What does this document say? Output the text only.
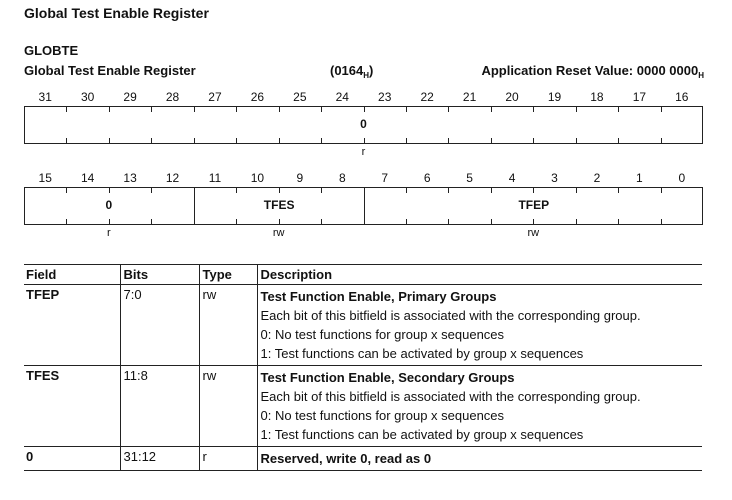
Global Test Enable Register
GLOBTE
Global Test Enable Register	$(0164_H)$	Application Reset Value: 0000 $0000_H$
31	30	29	28	27	26	25	24	23	22	21	20	19	18	17	16
0
r
15	14	13	12	11	10	9	8	7	6	5	4	3	2	1	0
0	TFES	TFEP
r	rw	rw
Field	Bits	Type	Description
TFEP	7:0	rw	Test Function Enable, Primary Groups
Each bit of this bitfield is associated with the corresponding group.
0: No test functions for group x sequences
1: Test functions can be activated by group x sequences

TFES	11:8	rw	Test Function Enable, Secondary Groups
Each bit of this bitfield is associated with the corresponding group.
0: No test functions for group x sequences
1: Test functions can be activated by group x sequences

0	31:12	r	Reserved, write 0, read as 0
